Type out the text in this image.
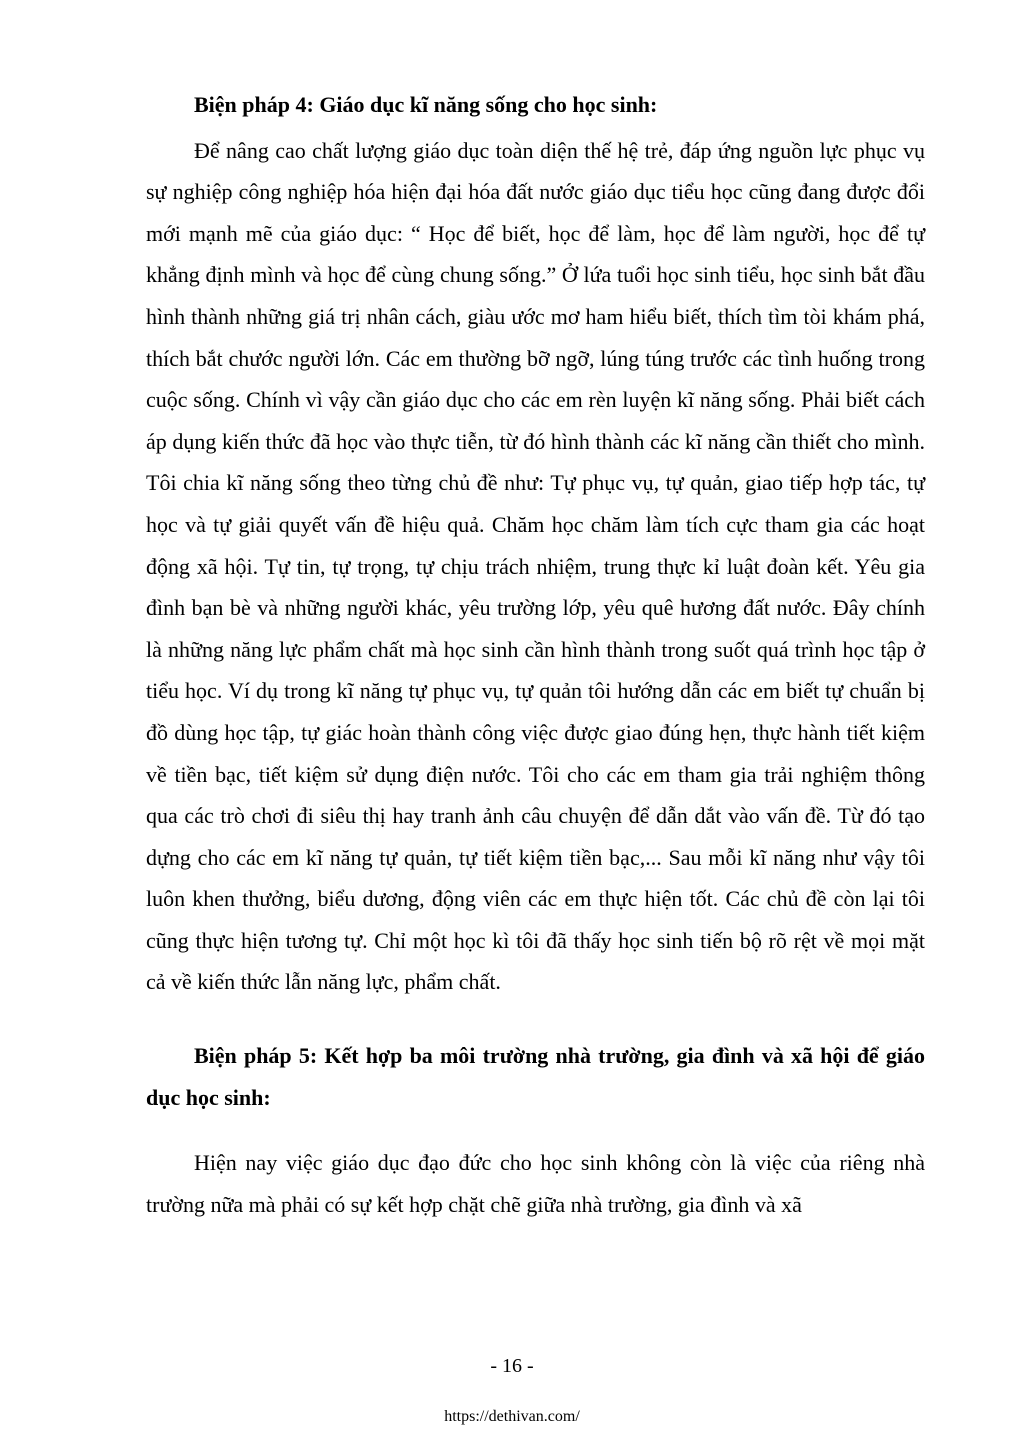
Biện pháp 4: Giáo dục kĩ năng sống cho học sinh:

Để nâng cao chất lượng giáo dục toàn diện thế hệ trẻ, đáp ứng nguồn lực phục vụ sự nghiệp công nghiệp hóa hiện đại hóa đất nước giáo dục tiểu học cũng đang được đổi mới mạnh mẽ của giáo dục: “ Học để biết, học để làm, học để làm người, học để tự khẳng định mình và học để cùng chung sống.” Ở lứa tuổi học sinh tiểu, học sinh bắt đầu hình thành những giá trị nhân cách, giàu ước mơ ham hiểu biết, thích tìm tòi khám phá, thích bắt chước người lớn. Các em thường bỡ ngỡ, lúng túng trước các tình huống trong cuộc sống. Chính vì vậy cần giáo dục cho các em rèn luyện kĩ năng sống. Phải biết cách áp dụng kiến thức đã học vào thực tiễn, từ đó hình thành các kĩ năng cần thiết cho mình. Tôi chia kĩ năng sống theo từng chủ đề như: Tự phục vụ, tự quản, giao tiếp hợp tác, tự học và tự giải quyết vấn đề hiệu quả. Chăm học chăm làm tích cực tham gia các hoạt động xã hội. Tự tin, tự trọng, tự chịu trách nhiệm, trung thực kỉ luật đoàn kết. Yêu gia đình bạn bè và những người khác, yêu trường lớp, yêu quê hương đất nước. Đây chính là những năng lực phẩm chất mà học sinh cần hình thành trong suốt quá trình học tập ở tiểu học. Ví dụ trong kĩ năng tự phục vụ, tự quản tôi hướng dẫn các em biết tự chuẩn bị đồ dùng học tập, tự giác hoàn thành công việc được giao đúng hẹn, thực hành tiết kiệm về tiền bạc, tiết kiệm sử dụng điện nước. Tôi cho các em tham gia trải nghiệm thông qua các trò chơi đi siêu thị hay tranh ảnh câu chuyện để dẫn dắt vào vấn đề. Từ đó tạo dựng cho các em kĩ năng tự quản, tự tiết kiệm tiền bạc,... Sau mỗi kĩ năng như vậy tôi luôn khen thưởng, biểu dương, động viên các em thực hiện tốt. Các chủ đề còn lại tôi cũng thực hiện tương tự. Chỉ một học kì tôi đã thấy học sinh tiến bộ rõ rệt về mọi mặt cả về kiến thức lẫn năng lực, phẩm chất.

Biện pháp 5: Kết hợp ba môi trường nhà trường, gia đình và xã hội để giáo dục học sinh:

Hiện nay việc giáo dục đạo đức cho học sinh không còn là việc của riêng nhà trường nữa mà phải có sự kết hợp chặt chẽ giữa nhà trường, gia đình và xã

- 16 -
https://dethivan.com/
